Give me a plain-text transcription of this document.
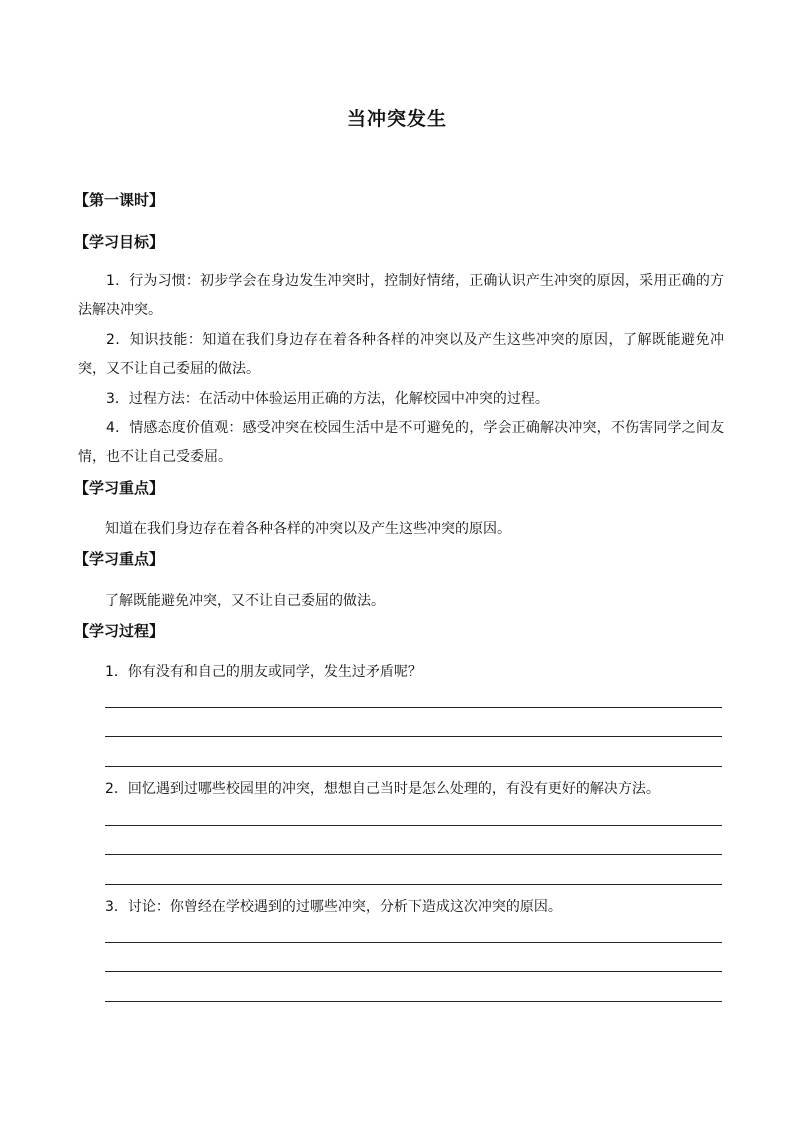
当冲突发生
【第一课时】
【学习目标】
1．行为习惯：初步学会在身边发生冲突时，控制好情绪，正确认识产生冲突的原因，采用正确的方法解决冲突。
2．知识技能：知道在我们身边存在着各种各样的冲突以及产生这些冲突的原因，了解既能避免冲突，又不让自己委屈的做法。
3．过程方法：在活动中体验运用正确的方法，化解校园中冲突的过程。
4．情感态度价值观：感受冲突在校园生活中是不可避免的，学会正确解决冲突，不伤害同学之间友情，也不让自己受委屈。
【学习重点】
知道在我们身边存在着各种各样的冲突以及产生这些冲突的原因。
【学习重点】
了解既能避免冲突，又不让自己委屈的做法。
【学习过程】
1．你有没有和自己的朋友或同学，发生过矛盾呢？
2．回忆遇到过哪些校园里的冲突，想想自己当时是怎么处理的，有没有更好的解决方法。
3．讨论：你曾经在学校遇到的过哪些冲突，分析下造成这次冲突的原因。
